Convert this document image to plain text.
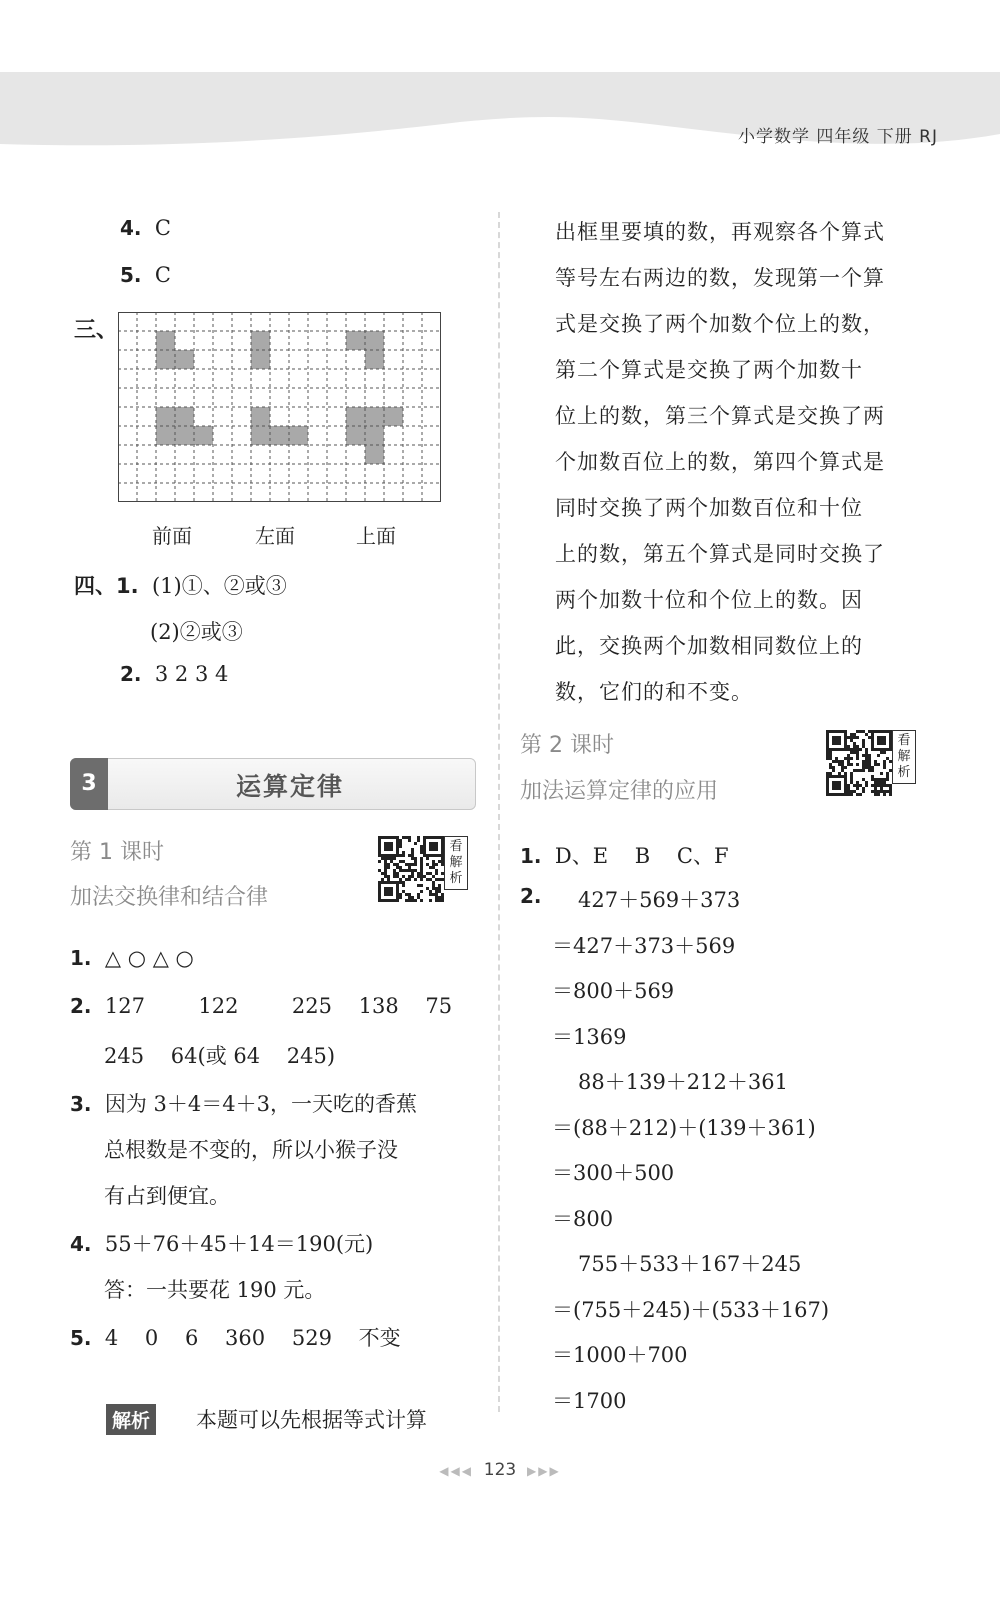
小学数学 四年级 下册 RJ
4. C
5. C
三、
前面	左面	上面
四、1. (1)①、②或③
(2)②或③
2. 3 2 3 4
3	运算定律
第 1 课时
加法交换律和结合律
看解析
1. △ ○ △ ○
2. 127        122        225    138    75
245    64(或 64    245)
3. 因为 3＋4＝4＋3，一天吃的香蕉
总根数是不变的，所以小猴子没
有占到便宜。
4. 55＋76＋45＋14＝190(元)
答：一共要花 190 元。
5. 4    0    6    360    529    不变
解析 本题可以先根据等式计算
出框里要填的数，再观察各个算式
等号左右两边的数，发现第一个算
式是交换了两个加数个位上的数，
第二个算式是交换了两个加数十
位上的数，第三个算式是交换了两
个加数百位上的数，第四个算式是
同时交换了两个加数百位和十位
上的数，第五个算式是同时交换了
两个加数十位和个位上的数。因
此，交换两个加数相同数位上的
数，它们的和不变。
第 2 课时
加法运算定律的应用
看解析
1. D、E    B    C、F
2. 427＋569＋373
＝427＋373＋569
＝800＋569
＝1369
88＋139＋212＋361
＝(88＋212)＋(139＋361)
＝300＋500
＝800
755＋533＋167＋245
＝(755＋245)＋(533＋167)
＝1000＋700
＝1700
◀◀◀ 123 ▶▶▶
